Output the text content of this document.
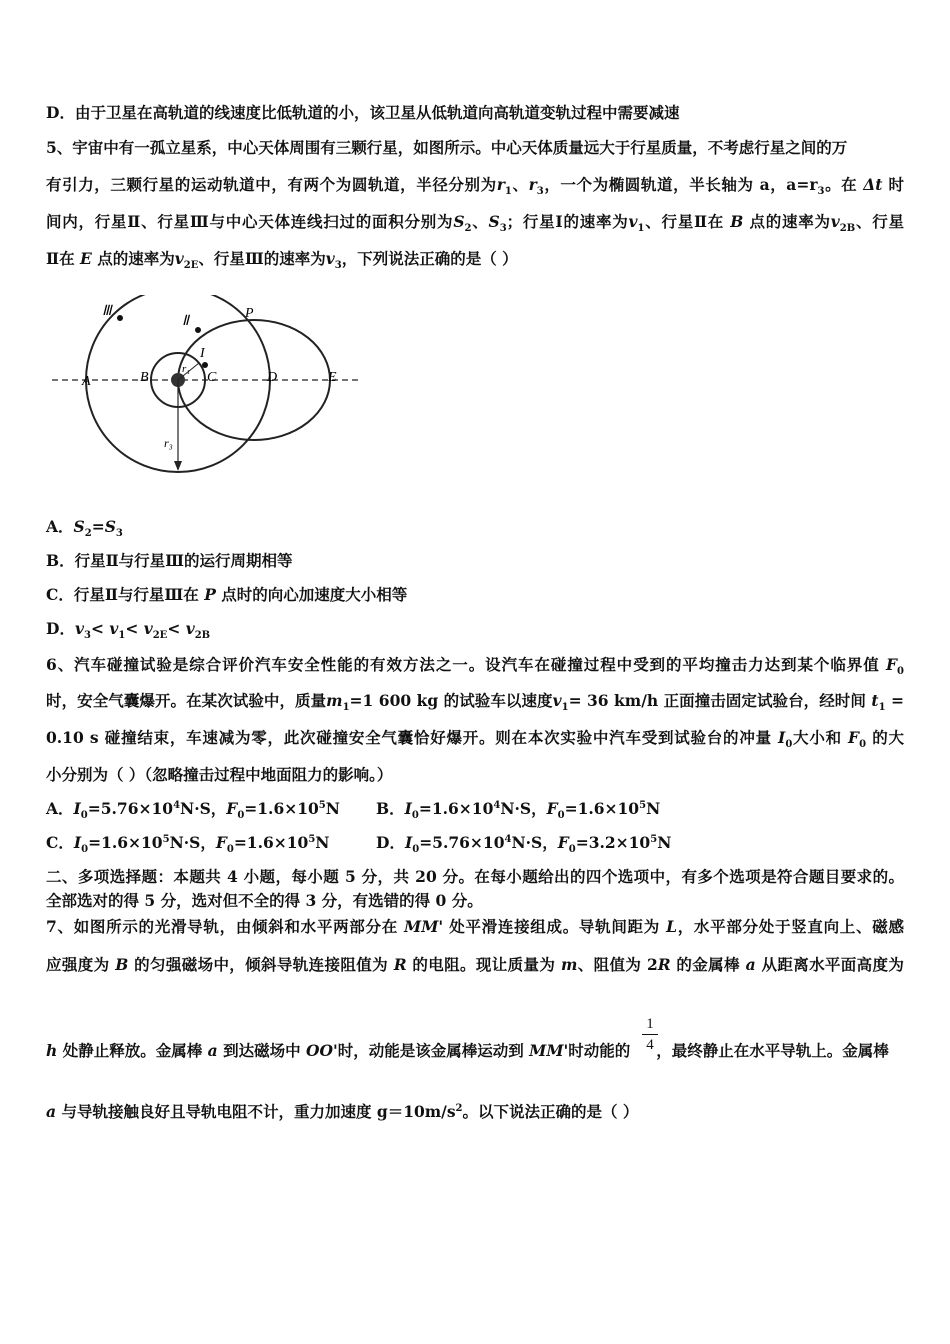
D．由于卫星在高轨道的线速度比低轨道的小，该卫星从低轨道向高轨道变轨过程中需要减速
5、宇宙中有一孤立星系，中心天体周围有三颗行星，如图所示。中心天体质量远大于行星质量，不考虑行星之间的万
有引力，三颗行星的运动轨道中，有两个为圆轨道，半径分别为$r_1$、$r_3$，一个为椭圆轨道，半长轴为 a，$a=r_3$。在 Δt 时
间内，行星Ⅱ、行星Ⅲ与中心天体连线扫过的面积分别为$S_2$、$S_3$；行星Ⅰ的速率为$v_1$、行星Ⅱ在 B 点的速率为$v_{2B}$、行星
Ⅱ在 E 点的速率为$v_{2E}$、行星Ⅲ的速率为$v_3$，下列说法正确的是（ ）
Ⅲ
Ⅱ
I
P
A	B	C	D	E
r₁
r₃
A．$S_2=S_3$
B．行星Ⅱ与行星Ⅲ的运行周期相等
C．行星Ⅱ与行星Ⅲ在 P 点时的向心加速度大小相等
D．$v_3< v_1< v_{2E}< v_{2B}$
6、汽车碰撞试验是综合评价汽车安全性能的有效方法之一。设汽车在碰撞过程中受到的平均撞击力达到某个临界值 $F_0$
时，安全气囊爆开。在某次试验中，质量$m_1=1$ 600 kg 的试验车以速度$v_1= 36$ km/h 正面撞击固定试验台，经时间 $t_1$ =
0.10 s 碰撞结束，车速减为零，此次碰撞安全气囊恰好爆开。则在本次实验中汽车受到试验台的冲量 $I_0$大小和 $F_0$ 的大
小分别为（ ）（忽略撞击过程中地面阻力的影响。）
A．$I_0=5.76\times 10^4N\cdot S$，$F_0=1.6\times 10^5N$ B．$I_0=1.6\times 10^4N\cdot S$，$F_0=1.6\times 10^5N$
C．$I_0=1.6\times 10^5N\cdot S$，$F_0=1.6\times 10^5N$	D．$I_0=5.76\times 10^4N\cdot S$，$F_0=3.2\times 10^5N$
二、多项选择题：本题共 4 小题，每小题 5 分，共 20 分。在每小题给出的四个选项中，有多个选项是符合题目要求的。
全部选对的得 5 分，选对但不全的得 3 分，有选错的得 0 分。
7、如图所示的光滑导轨，由倾斜和水平两部分在 MM' 处平滑连接组成。导轨间距为 L，水平部分处于竖直向上、磁感
应强度为 B 的匀强磁场中，倾斜导轨连接阻值为 R 的电阻。现让质量为 m、阻值为 2R 的金属棒 a 从距离水平面高度为
h 处静止释放。金属棒 a 到达磁场中 OO'时，动能是该金属棒运动到 MM'时动能的 ，最终静止在水平导轨上。金属棒
1
4
a 与导轨接触良好且导轨电阻不计，重力加速度 $g=10m/s^2$。以下说法正确的是（ ）
